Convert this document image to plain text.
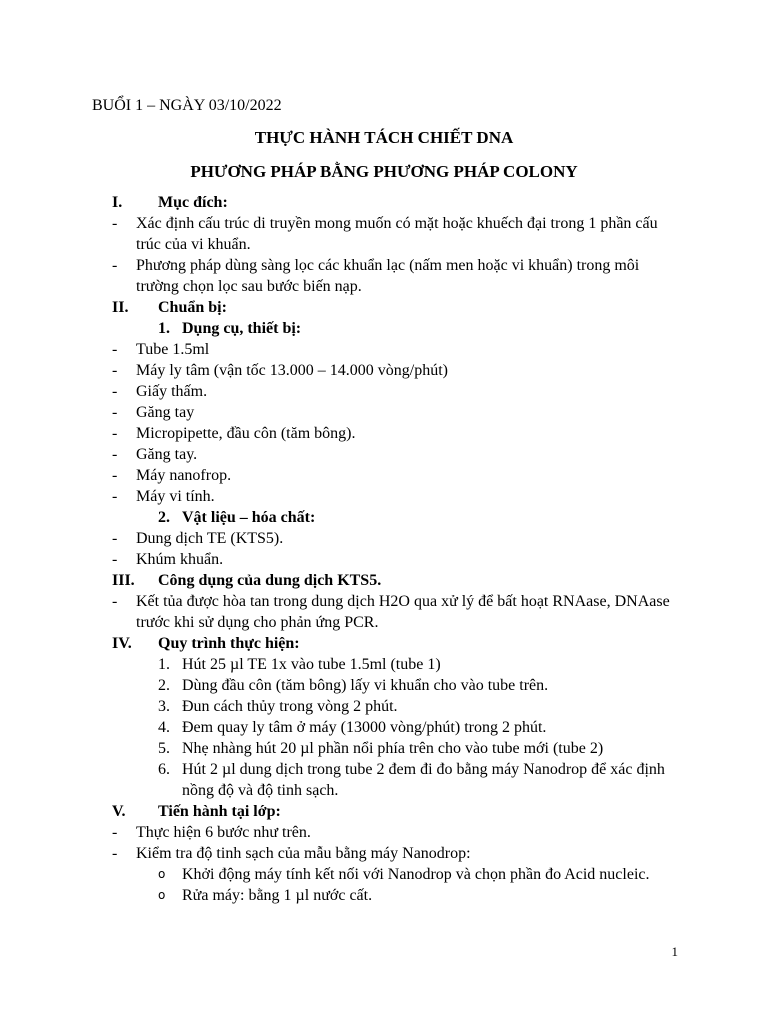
BUỔI 1 – NGÀY 03/10/2022
THỰC HÀNH TÁCH CHIẾT DNA
PHƯƠNG PHÁP BẰNG PHƯƠNG PHÁP COLONY
I.	Mục đích:
-	Xác định cấu trúc di truyền mong muốn có mặt hoặc khuếch đại trong 1 phần cấu trúc của vi khuẩn.
-	Phương pháp dùng sàng lọc các khuẩn lạc (nấm men hoặc vi khuẩn) trong môi trường chọn lọc sau bước biến nạp.
II.	Chuẩn bị:
1. Dụng cụ, thiết bị:
-	Tube 1.5ml
-	Máy ly tâm (vận tốc 13.000 – 14.000 vòng/phút)
-	Giấy thấm.
-	Găng tay
-	Micropipette, đầu côn (tăm bông).
-	Găng tay.
-	Máy nanofrop.
-	Máy vi tính.
2. Vật liệu – hóa chất:
-	Dung dịch TE (KTS5).
-	Khúm khuẩn.
III.	Công dụng của dung dịch KTS5.
-	Kết tủa được hòa tan trong dung dịch H2O qua xử lý để bất hoạt RNAase, DNAase trước khi sử dụng cho phản ứng PCR.
IV.	Quy trình thực hiện:
1. Hút 25 µl TE 1x vào tube 1.5ml (tube 1)
2. Dùng đầu côn (tăm bông) lấy vi khuẩn cho vào tube trên.
3. Đun cách thủy trong vòng 2 phút.
4. Đem quay ly tâm ở máy (13000 vòng/phút) trong 2 phút.
5. Nhẹ nhàng hút 20 µl phần nổi phía trên cho vào tube mới (tube 2)
6. Hút 2 µl dung dịch trong tube 2 đem đi đo bằng máy Nanodrop để xác định nồng độ và độ tinh sạch.
V.	Tiến hành tại lớp:
-	Thực hiện 6 bước như trên.
-	Kiểm tra độ tinh sạch của mẫu bằng máy Nanodrop:
o	Khởi động máy tính kết nối với Nanodrop và chọn phần đo Acid nucleic.
o	Rửa máy: bằng 1 µl nước cất.
1
